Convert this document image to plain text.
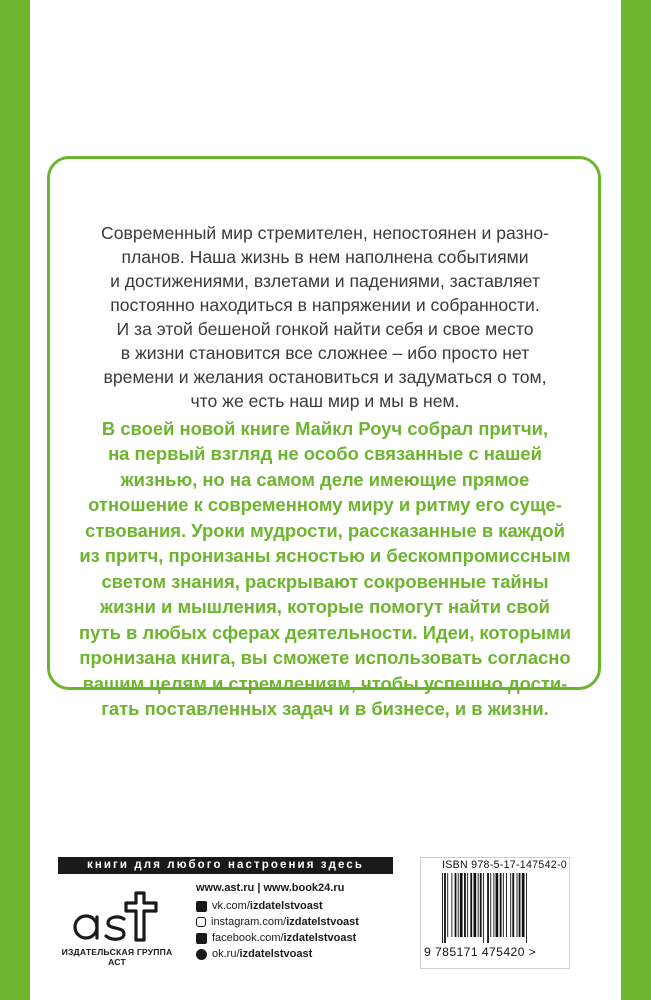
Современный мир стремителен, непостоянен и разно-
планов. Наша жизнь в нем наполнена событиями
и достижениями, взлетами и падениями, заставляет
постоянно находиться в напряжении и собранности.
И за этой бешеной гонкой найти себя и свое место
в жизни становится все сложнее – ибо просто нет
времени и желания остановиться и задуматься о том,
что же есть наш мир и мы в нем.

В своей новой книге Майкл Роуч собрал притчи,
на первый взгляд не особо связанные с нашей
жизнью, но на самом деле имеющие прямое
отношение к современному миру и ритму его суще-
ствования. Уроки мудрости, рассказанные в каждой
из притч, пронизаны ясностью и бескомпромиссным
светом знания, раскрывают сокровенные тайны
жизни и мышления, которые помогут найти свой
путь в любых сферах деятельности. Идеи, которыми
пронизана книга, вы сможете использовать согласно
вашим целям и стремлениям, чтобы успешно дости-
гать поставленных задач и в бизнесе, и в жизни.

книги для любого настроения здесь
аст
ИЗДАТЕЛЬСКАЯ ГРУППА АСТ
www.ast.ru | www.book24.ru
vk.com/ izdatelstvoast
instagram.com/ izdatelstvoast
facebook.com/ izdatelstvoast
ok.ru/ izdatelstvoast
ISBN 978-5-17-147542-0
9 785171 475420 >
